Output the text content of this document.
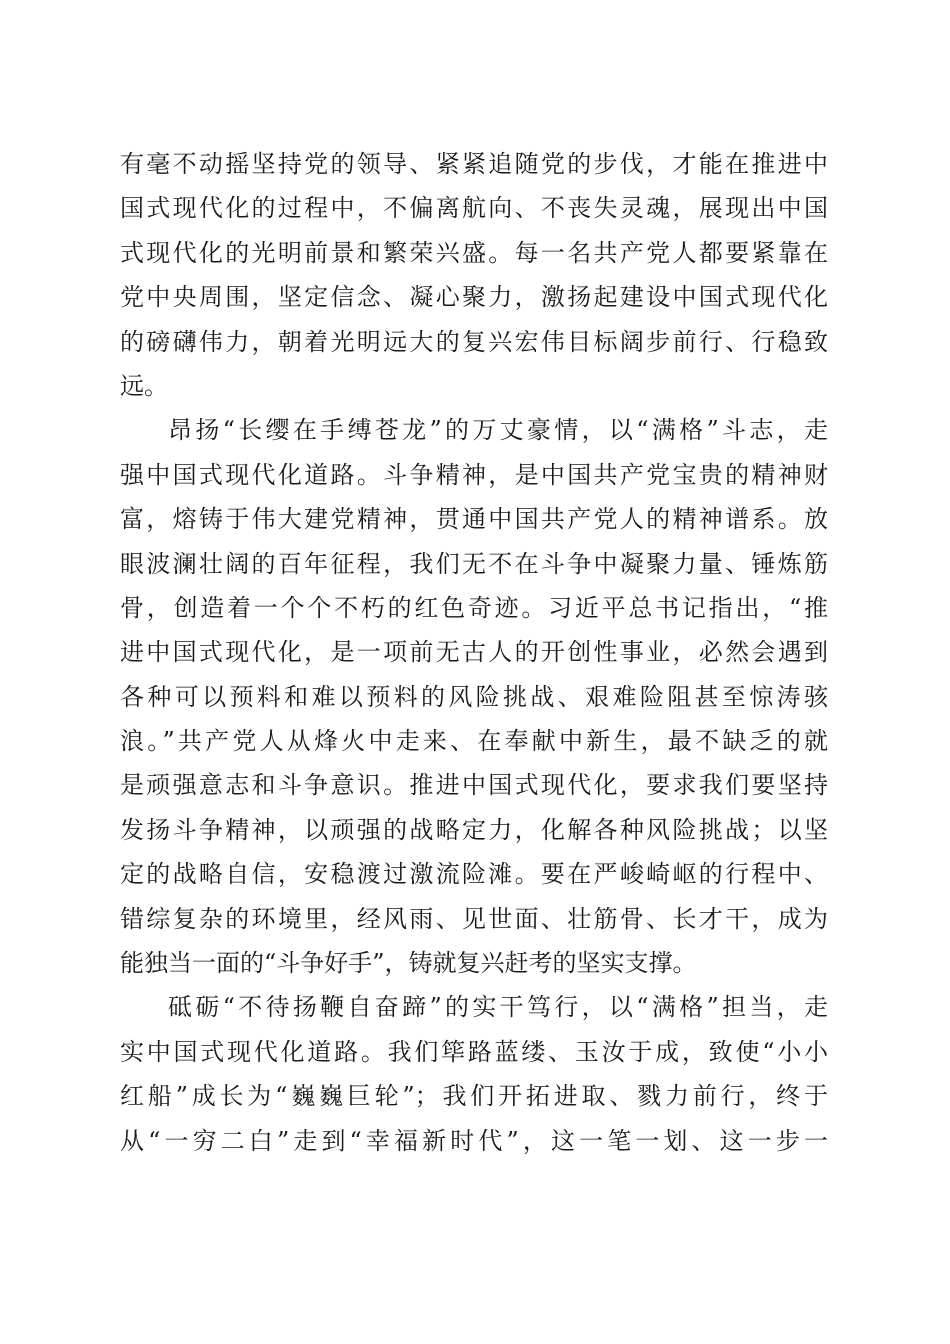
有毫不动摇坚持党的领导、紧紧追随党的步伐，才能在推进中
国式现代化的过程中，不偏离航向、不丧失灵魂，展现出中国
式现代化的光明前景和繁荣兴盛。每一名共产党人都要紧靠在
党中央周围，坚定信念、凝心聚力，激扬起建设中国式现代化
的磅礴伟力，朝着光明远大的复兴宏伟目标阔步前行、行稳致
远。
昂扬“长缨在手缚苍龙”的万丈豪情，以“满格”斗志，走
强中国式现代化道路。斗争精神，是中国共产党宝贵的精神财
富，熔铸于伟大建党精神，贯通中国共产党人的精神谱系。放
眼波澜壮阔的百年征程，我们无不在斗争中凝聚力量、锤炼筋
骨，创造着一个个不朽的红色奇迹。习近平总书记指出，“推
进中国式现代化，是一项前无古人的开创性事业，必然会遇到
各种可以预料和难以预料的风险挑战、艰难险阻甚至惊涛骇
浪。”共产党人从烽火中走来、在奉献中新生，最不缺乏的就
是顽强意志和斗争意识。推进中国式现代化，要求我们要坚持
发扬斗争精神，以顽强的战略定力，化解各种风险挑战；以坚
定的战略自信，安稳渡过激流险滩。要在严峻崎岖的行程中、
错综复杂的环境里，经风雨、见世面、壮筋骨、长才干，成为
能独当一面的“斗争好手”，铸就复兴赶考的坚实支撑。
砥砺“不待扬鞭自奋蹄”的实干笃行，以“满格”担当，走
实中国式现代化道路。我们筚路蓝缕、玉汝于成，致使“小小
红船”成长为“巍巍巨轮”；我们开拓进取、戮力前行，终于
从“一穷二白”走到“幸福新时代”，这一笔一划、这一步一
